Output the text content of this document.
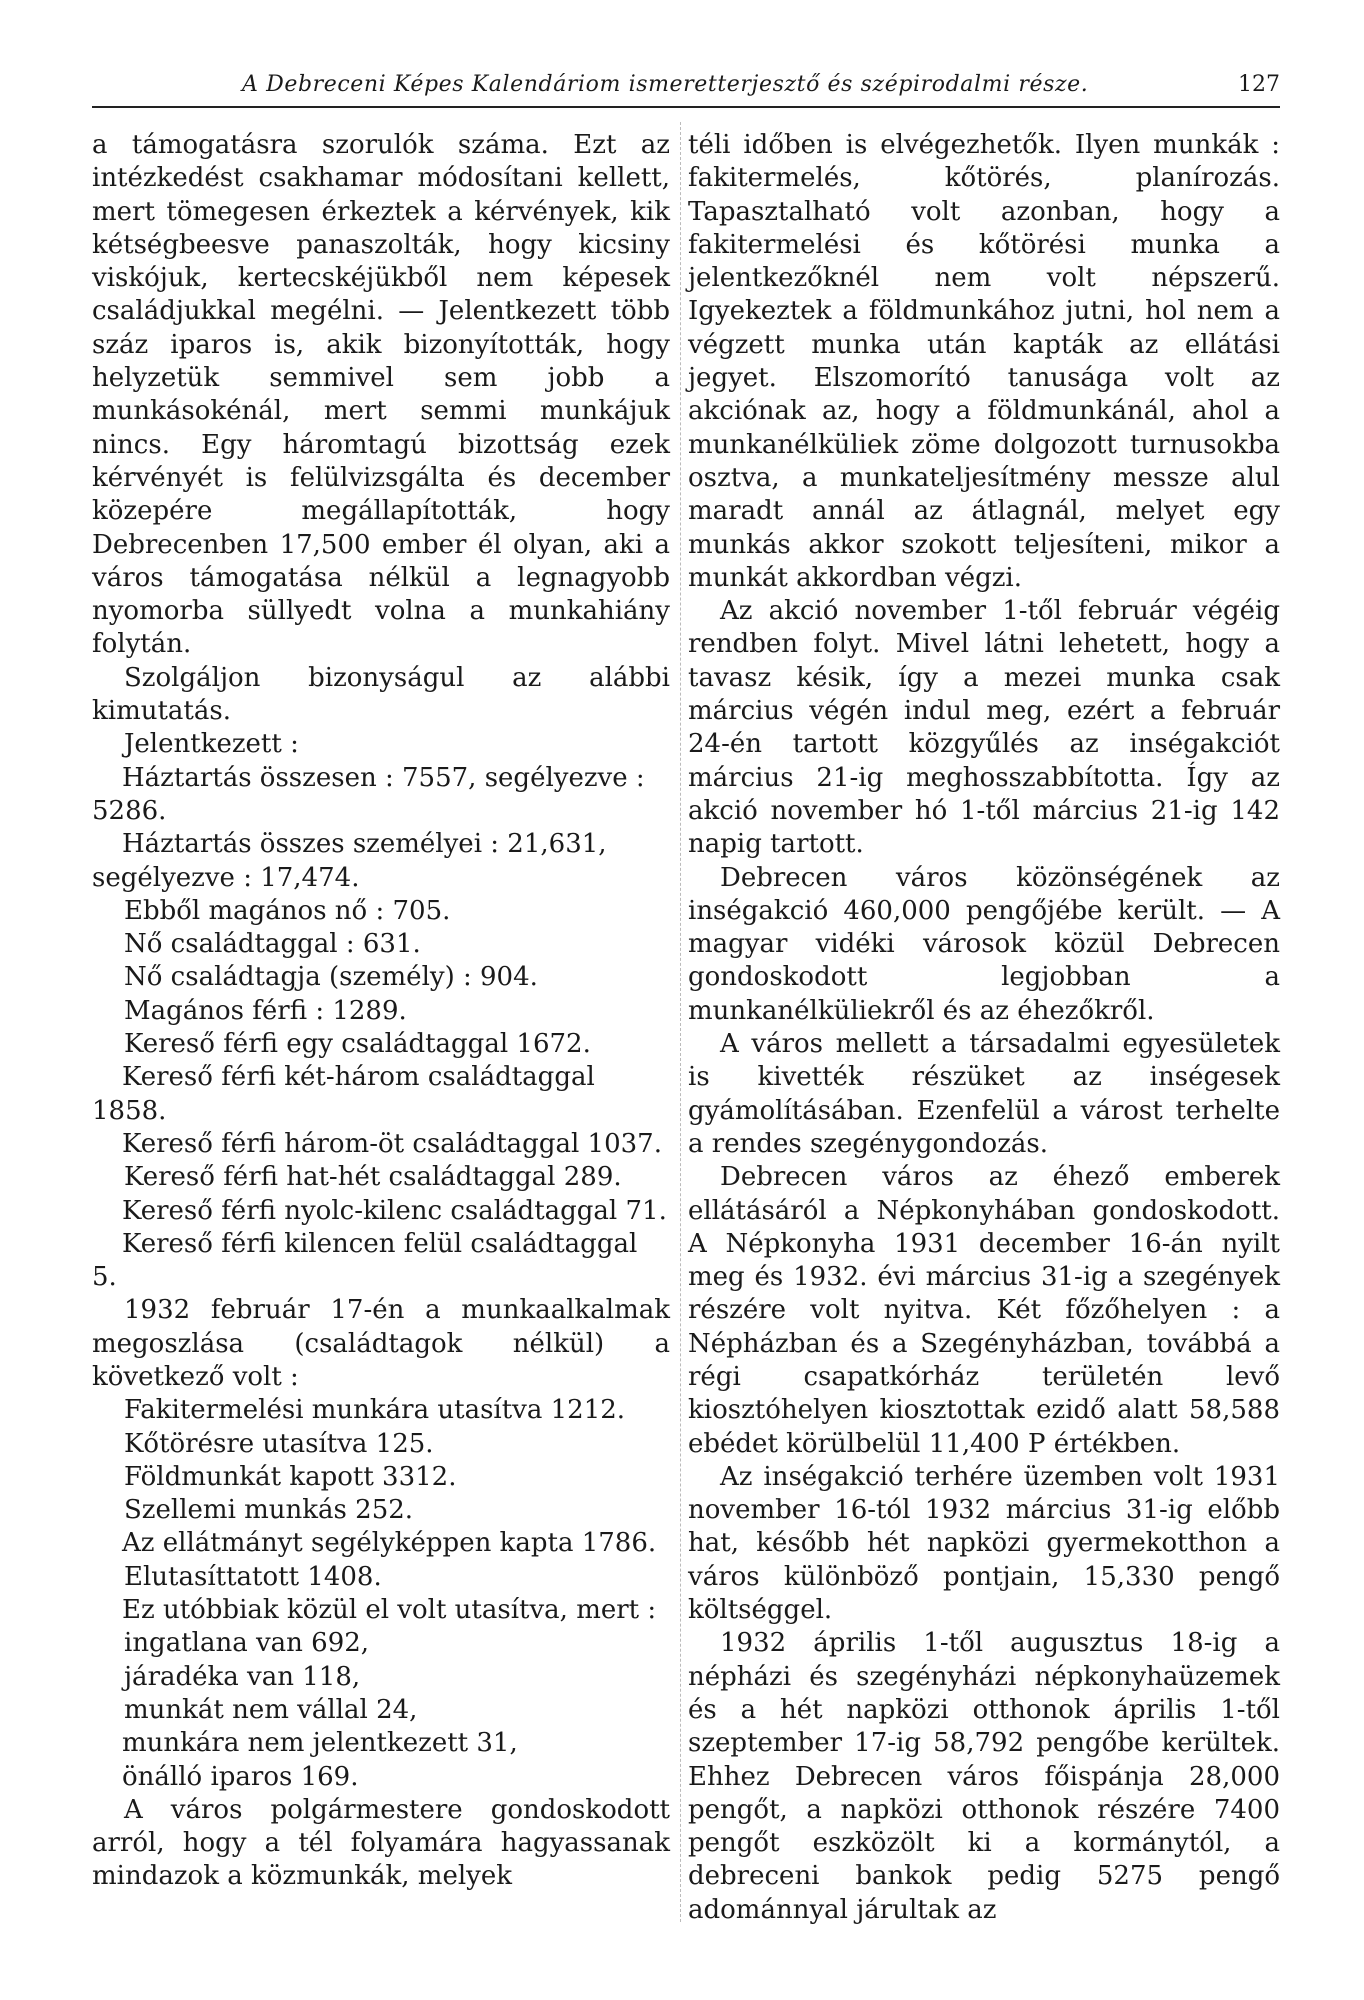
A Debreceni Képes Kalendáriom ismeretterjesztő és szépirodalmi része.	127

a támogatásra szorulók száma. Ezt az intézkedést csakhamar módosítani kellett, mert tömegesen érkeztek a kérvények, kik kétségbeesve panaszolták, hogy kicsiny viskójuk, kertecskéjükből nem képesek családjukkal megélni. — Jelentkezett több száz iparos is, akik bizonyították, hogy helyzetük semmivel sem jobb a munkásokénál, mert semmi munkájuk nincs. Egy háromtagú bizottság ezek kérvényét is felülvizsgálta és december közepére megállapították, hogy Debrecenben 17,500 ember él olyan, aki a város támogatása nélkül a legnagyobb nyomorba süllyedt volna a munkahiány folytán.

Szolgáljon bizonyságul az alábbi kimutatás.

Jelentkezett :

Háztartás összesen : 7557, segélyezve : 5286.

Háztartás összes személyei : 21,631, segélyezve : 17,474.

Ebből magános nő : 705.

Nő családtaggal : 631.

Nő családtagja (személy) : 904.

Magános férfi : 1289.

Kereső férfi egy családtaggal 1672.

Kereső férfi két-három családtaggal 1858.

Kereső férfi három-öt családtaggal 1037.

Kereső férfi hat-hét családtaggal 289.

Kereső férfi nyolc-kilenc családtaggal 71.

Kereső férfi kilencen felül családtaggal 5.

1932 február 17-én a munkaalkalmak megoszlása (családtagok nélkül) a következő volt :

Fakitermelési munkára utasítva 1212.

Kőtörésre utasítva 125.

Földmunkát kapott 3312.

Szellemi munkás 252.

Az ellátmányt segélyképpen kapta 1786.

Elutasíttatott 1408.

Ez utóbbiak közül el volt utasítva, mert :

ingatlana van 692,

járadéka van 118,

munkát nem vállal 24,

munkára nem jelentkezett 31,

önálló iparos 169.

A város polgármestere gondoskodott arról, hogy a tél folyamára hagyassanak mindazok a közmunkák, melyek

téli időben is elvégezhetők. Ilyen munkák : fakitermelés, kőtörés, planírozás. Tapasztalható volt azonban, hogy a fakitermelési és kőtörési munka a jelentkezőknél nem volt népszerű. Igyekeztek a földmunkához jutni, hol nem a végzett munka után kapták az ellátási jegyet. Elszomorító tanusága volt az akciónak az, hogy a földmunkánál, ahol a munkanélküliek zöme dolgozott turnusokba osztva, a munkateljesítmény messze alul maradt annál az átlagnál, melyet egy munkás akkor szokott teljesíteni, mikor a munkát akkordban végzi.

Az akció november 1-től február végéig rendben folyt. Mivel látni lehetett, hogy a tavasz késik, így a mezei munka csak március végén indul meg, ezért a február 24-én tartott közgyűlés az inségakciót március 21-ig meghosszabbította. Így az akció november hó 1-től március 21-ig 142 napig tartott.

Debrecen város közönségének az inségakció 460,000 pengőjébe került. — A magyar vidéki városok közül Debrecen gondoskodott legjobban a munkanélküliekről és az éhezőkről.

A város mellett a társadalmi egyesületek is kivették részüket az inségesek gyámolításában. Ezenfelül a várost terhelte a rendes szegénygondozás.

Debrecen város az éhező emberek ellátásáról a Népkonyhában gondoskodott. A Népkonyha 1931 december 16-án nyilt meg és 1932. évi március 31-ig a szegények részére volt nyitva. Két főzőhelyen : a Népházban és a Szegényházban, továbbá a régi csapatkórház területén levő kiosztóhelyen kiosztottak ezidő alatt 58,588 ebédet körülbelül 11,400 P értékben.

Az inségakció terhére üzemben volt 1931 november 16-tól 1932 március 31-ig előbb hat, később hét napközi gyermekotthon a város különböző pontjain, 15,330 pengő költséggel.

1932 április 1-től augusztus 18-ig a népházi és szegényházi népkonyhaüzemek és a hét napközi otthonok április 1-től szeptember 17-ig 58,792 pengőbe kerültek. Ehhez Debrecen város főispánja 28,000 pengőt, a napközi otthonok részére 7400 pengőt eszközölt ki a kormánytól, a debreceni bankok pedig 5275 pengő adománnyal járultak az
